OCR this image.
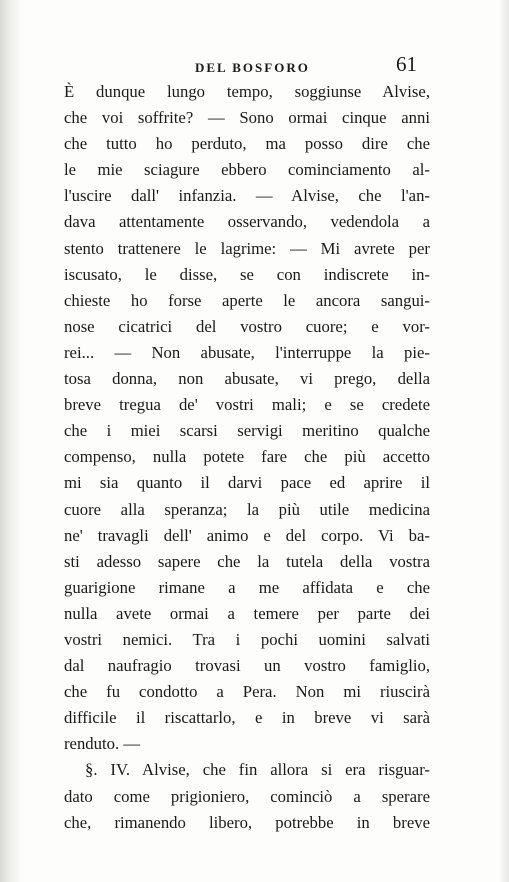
DEL BOSFORO	61
È dunque lungo tempo, soggiunse Alvise,
che voi soffrite? — Sono ormai cinque anni
che tutto ho perduto, ma posso dire che
le mie sciagure ebbero cominciamento al-
l'uscire dall' infanzia. — Alvise, che l'an-
dava attentamente osservando, vedendola a
stento trattenere le lagrime: — Mi avrete per
iscusato, le disse, se con indiscrete in-
chieste ho forse aperte le ancora sangui-
nose cicatrici del vostro cuore; e vor-
rei... — Non abusate, l'interruppe la pie-
tosa donna, non abusate, vi prego, della
breve tregua de' vostri mali; e se credete
che i miei scarsi servigi meritino qualche
compenso, nulla potete fare che più accetto
mi sia quanto il darvi pace ed aprire il
cuore alla speranza; la più utile medicina
ne' travagli dell' animo e del corpo. Vi ba-
sti adesso sapere che la tutela della vostra
guarigione rimane a me affidata e che
nulla avete ormai a temere per parte dei
vostri nemici. Tra i pochi uomini salvati
dal naufragio trovasi un vostro famiglio,
che fu condotto a Pera. Non mi riuscirà
difficile il riscattarlo, e in breve vi sarà
renduto. —
§. IV. Alvise, che fin allora si era risguar-
dato come prigioniero, cominciò a sperare
che, rimanendo libero, potrebbe in breve
